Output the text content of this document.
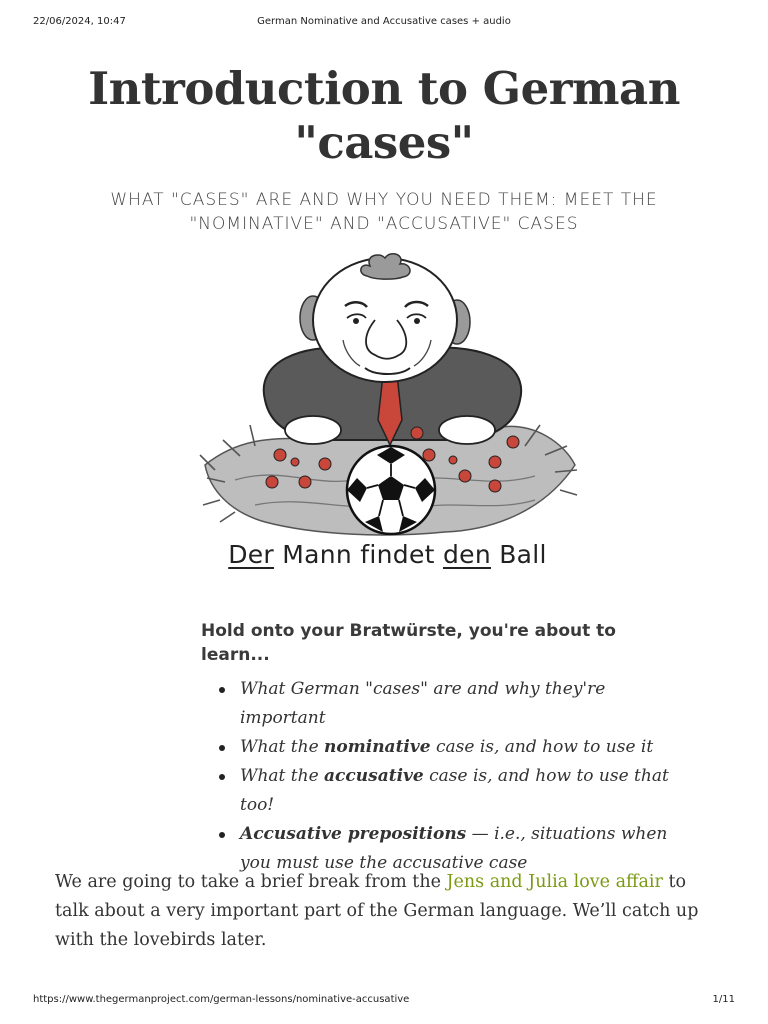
22/06/2024, 10:47	German Nominative and Accusative cases + audio
Introduction to German
"cases"

WHAT "CASES" ARE AND WHY YOU NEED THEM: MEET THE
"NOMINATIVE" AND "ACCUSATIVE" CASES

Der Mann findet den Ball

Hold onto your Bratwürste, you're about to learn...

What German "cases" are and why they're important
What the nominative case is, and how to use it
What the accusative case is, and how to use that too!
Accusative prepositions — i.e., situations when you must use the accusative case

We are going to take a brief break from the Jens and Julia love affair to talk about a very important part of the German language. We’ll catch up with the lovebirds later.

https://www.thegermanproject.com/german-lessons/nominative-accusative	1/11
